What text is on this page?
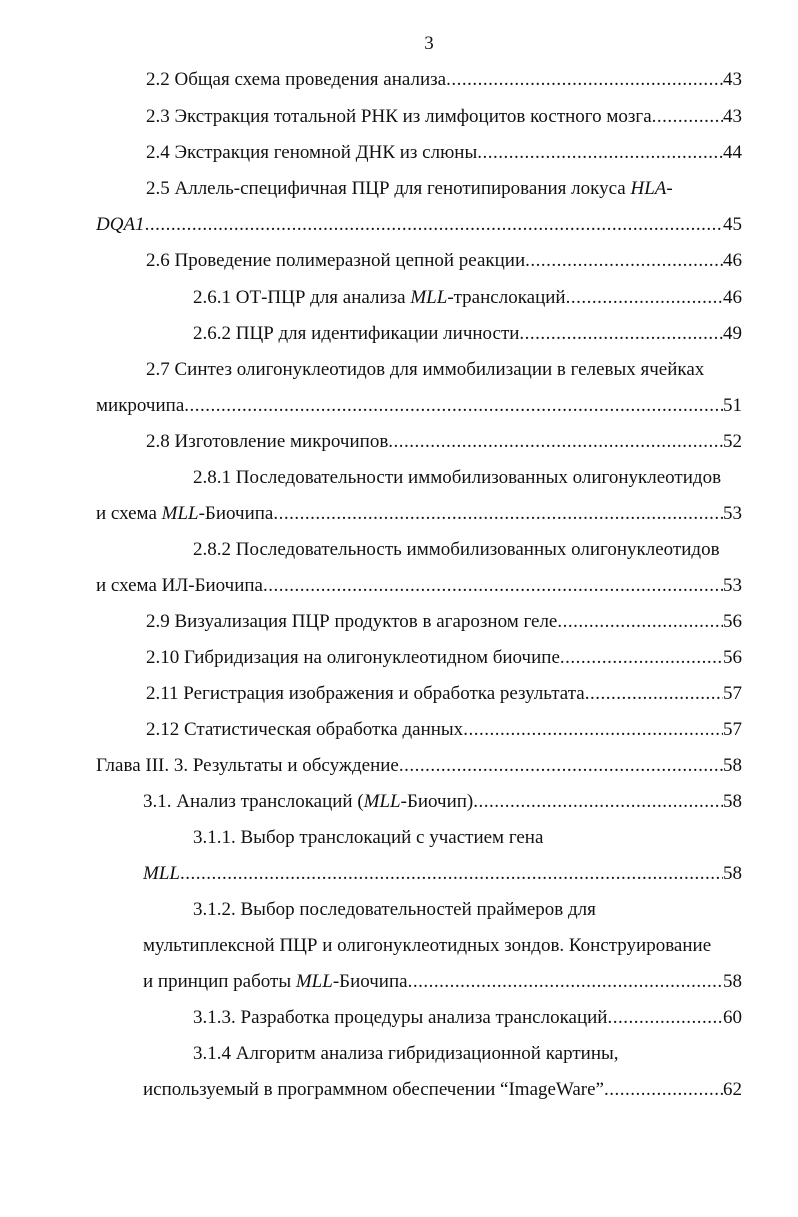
3
2.2 Общая схема проведения анализа .....	43
2.3 Экстракция тотальной РНК из лимфоцитов костного мозга .....	43
2.4 Экстракция геномной ДНК из слюны .....	44
2.5 Аллель-специфичная ПЦР для генотипирования локуса HLA-
DQA1 .....	45
2.6 Проведение полимеразной цепной реакции .....	46
2.6.1 ОТ-ПЦР для анализа MLL-транслокаций .....	46
2.6.2 ПЦР для идентификации личности .....	49
2.7 Синтез олигонуклеотидов для иммобилизации в гелевых ячейках
микрочипа .....	51
2.8 Изготовление микрочипов .....	52
2.8.1 Последовательности иммобилизованных олигонуклеотидов
и схема MLL-Биочипа .....	53
2.8.2 Последовательность иммобилизованных олигонуклеотидов
и схема ИЛ-Биочипа .....	53
2.9 Визуализация ПЦР продуктов в агарозном геле .....	56
2.10 Гибридизация на олигонуклеотидном биочипе .....	56
2.11 Регистрация изображения и обработка результата .....	57
2.12 Статистическая обработка данных .....	57
Глава III. 3. Результаты и обсуждение .....	58
3.1. Анализ транслокаций (MLL-Биочип) .....	58
3.1.1. Выбор транслокаций с участием гена
MLL .....	58
3.1.2. Выбор последовательностей праймеров для
мультиплексной ПЦР и олигонуклеотидных зондов. Конструирование
и принцип работы MLL-Биочипа .....	58
3.1.3. Разработка процедуры анализа транслокаций .....	60
3.1.4 Алгоритм анализа гибридизационной картины,
используемый в программном обеспечении “ImageWare” .....	62
